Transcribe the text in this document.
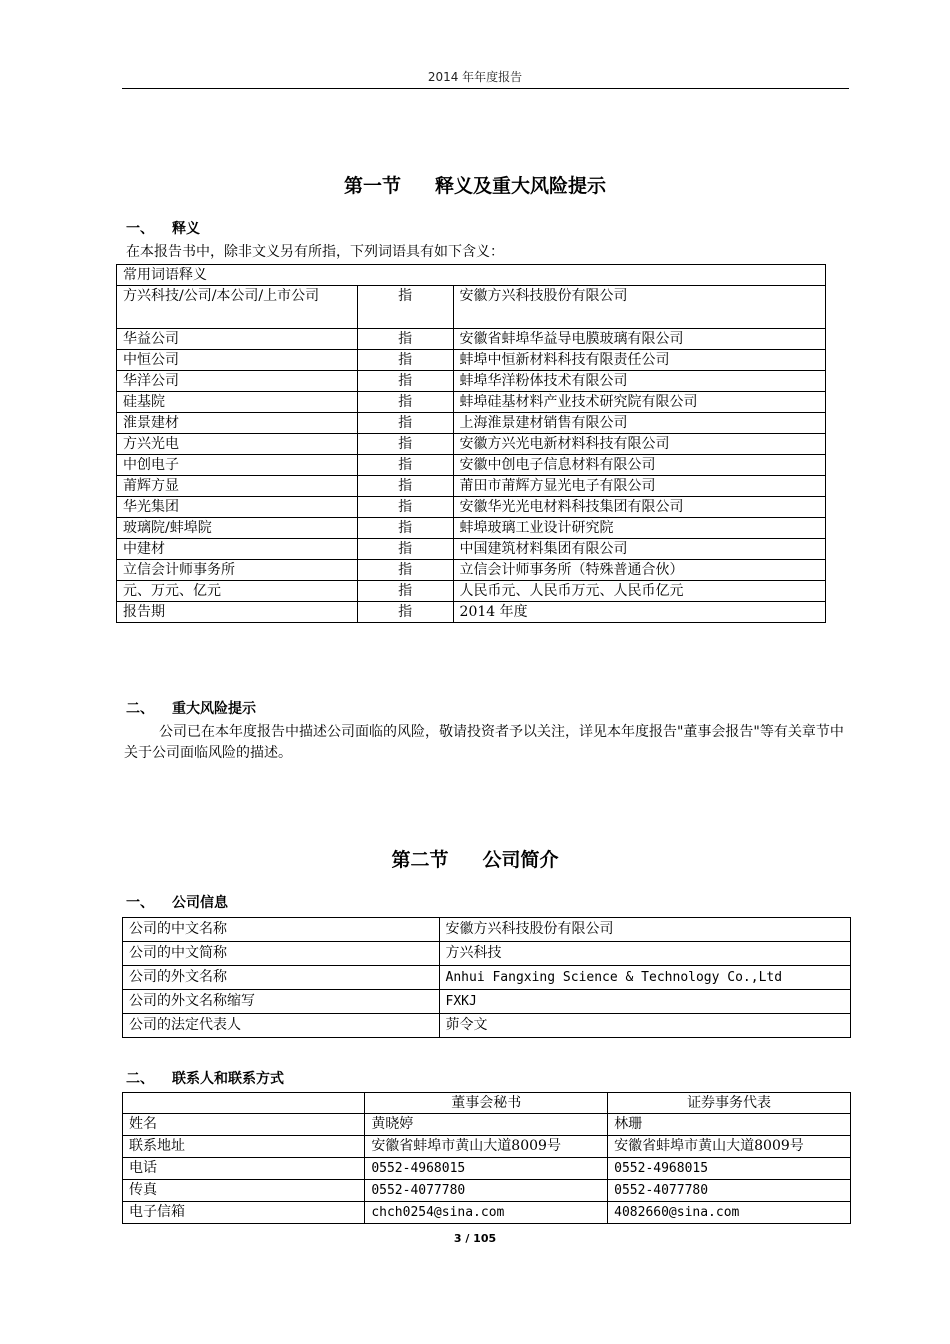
2014 年年度报告
第一节 释义及重大风险提示
一、 释义
在本报告书中，除非文义另有所指，下列词语具有如下含义：
常用词语释义		
方兴科技/公司/本公司/上市公司	指	安徽方兴科技股份有限公司
华益公司	指	安徽省蚌埠华益导电膜玻璃有限公司
中恒公司	指	蚌埠中恒新材料科技有限责任公司
华洋公司	指	蚌埠华洋粉体技术有限公司
硅基院	指	蚌埠硅基材料产业技术研究院有限公司
淮景建材	指	上海淮景建材销售有限公司
方兴光电	指	安徽方兴光电新材料科技有限公司
中创电子	指	安徽中创电子信息材料有限公司
莆辉方显	指	莆田市莆辉方显光电子有限公司
华光集团	指	安徽华光光电材料科技集团有限公司
玻璃院/蚌埠院	指	蚌埠玻璃工业设计研究院
中建材	指	中国建筑材料集团有限公司
立信会计师事务所	指	立信会计师事务所（特殊普通合伙）
元、万元、亿元	指	人民币元、人民币万元、人民币亿元
报告期	指	2014 年度
二、 重大风险提示
公司已在本年度报告中描述公司面临的风险，敬请投资者予以关注，详见本年度报告"董事会报告"等有关章节中关于公司面临风险的描述。
第二节 公司简介
一、 公司信息
公司的中文名称	安徽方兴科技股份有限公司
公司的中文简称	方兴科技
公司的外文名称	Anhui Fangxing Science & Technology Co.,Ltd
公司的外文名称缩写	FXKJ
公司的法定代表人	茆令文
二、 联系人和联系方式
	董事会秘书	证券事务代表
姓名	黄晓婷	林珊
联系地址	安徽省蚌埠市黄山大道8009号	安徽省蚌埠市黄山大道8009号
电话	0552-4968015	0552-4968015
传真	0552-4077780	0552-4077780
电子信箱	chch0254@sina.com	4082660@sina.com
3 / 105
